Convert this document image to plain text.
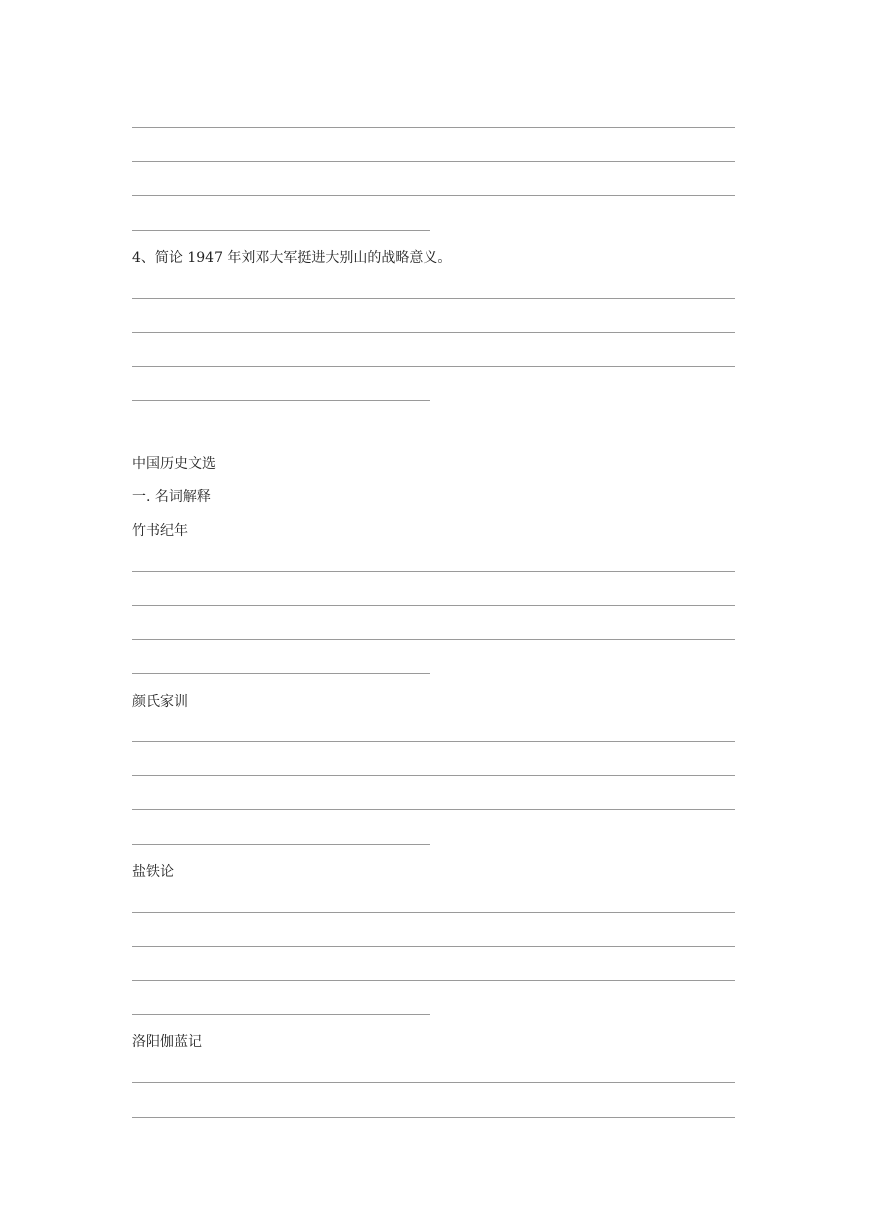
4、简论 1947 年刘邓大军挺进大别山的战略意义。
中国历史文选
一. 名词解释
竹书纪年
颜氏家训
盐铁论
洛阳伽蓝记
